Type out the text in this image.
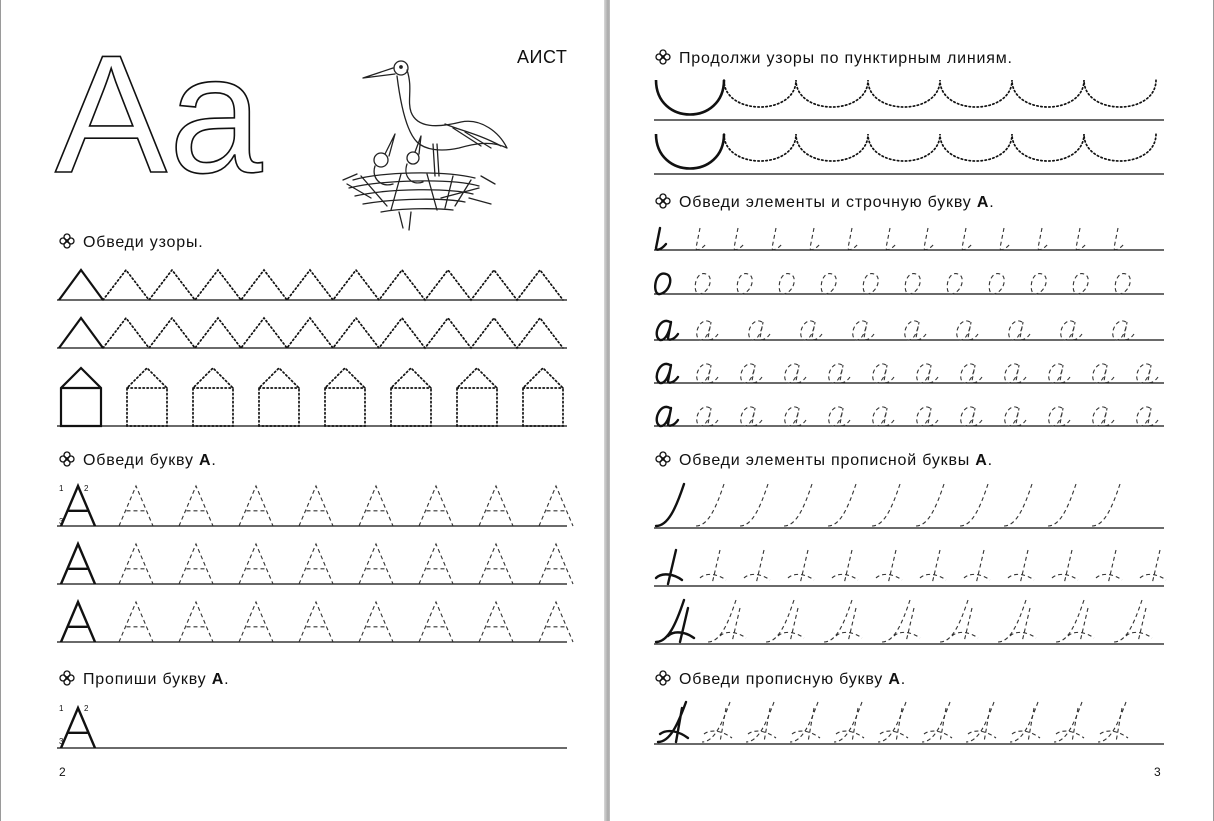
A a	АИСТ
Обведи узоры.
Обведи букву А.
1	2
3
Пропиши букву А.
1	2
3
2
Продолжи узоры по пунктирным линиям.
Обведи элементы и строчную букву А.
Обведи элементы прописной буквы А.
Обведи прописную букву А.
3
